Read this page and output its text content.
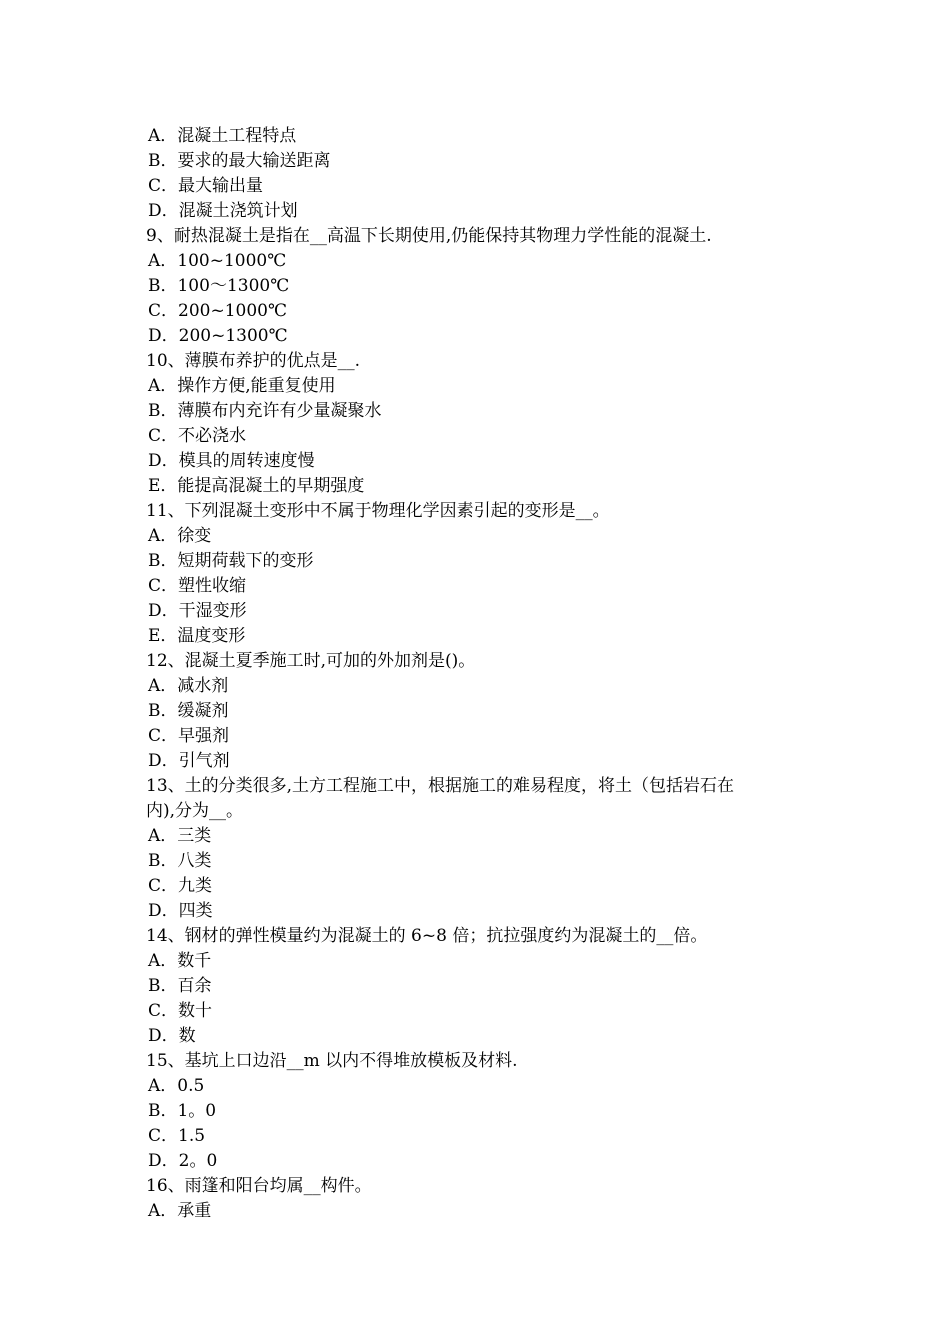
A．混凝土工程特点
B．要求的最大输送距离
C．最大输出量
D．混凝土浇筑计划
9、耐热混凝土是指在__高温下长期使用,仍能保持其物理力学性能的混凝土.
A．100~1000℃
B．100～1300℃
C．200~1000℃
D．200~1300℃
10、薄膜布养护的优点是__.
A．操作方便,能重复使用
B．薄膜布内充许有少量凝聚水
C．不必浇水
D．模具的周转速度慢
E．能提高混凝土的早期强度
11、下列混凝土变形中不属于物理化学因素引起的变形是__。
A．徐变
B．短期荷载下的变形
C．塑性收缩
D．干湿变形
E．温度变形
12、混凝土夏季施工时,可加的外加剂是()。
A．减水剂
B．缓凝剂
C．早强剂
D．引气剂
13、土的分类很多,土方工程施工中，根据施工的难易程度，将土（包括岩石在
内),分为__。
A．三类
B．八类
C．九类
D．四类
14、钢材的弹性模量约为混凝土的 6~8 倍；抗拉强度约为混凝土的__倍。
A．数千
B．百余
C．数十
D．数
15、基坑上口边沿__m 以内不得堆放模板及材料.
A．0.5
B．1。0
C．1.5
D．2。0
16、雨篷和阳台均属__构件。
A．承重
